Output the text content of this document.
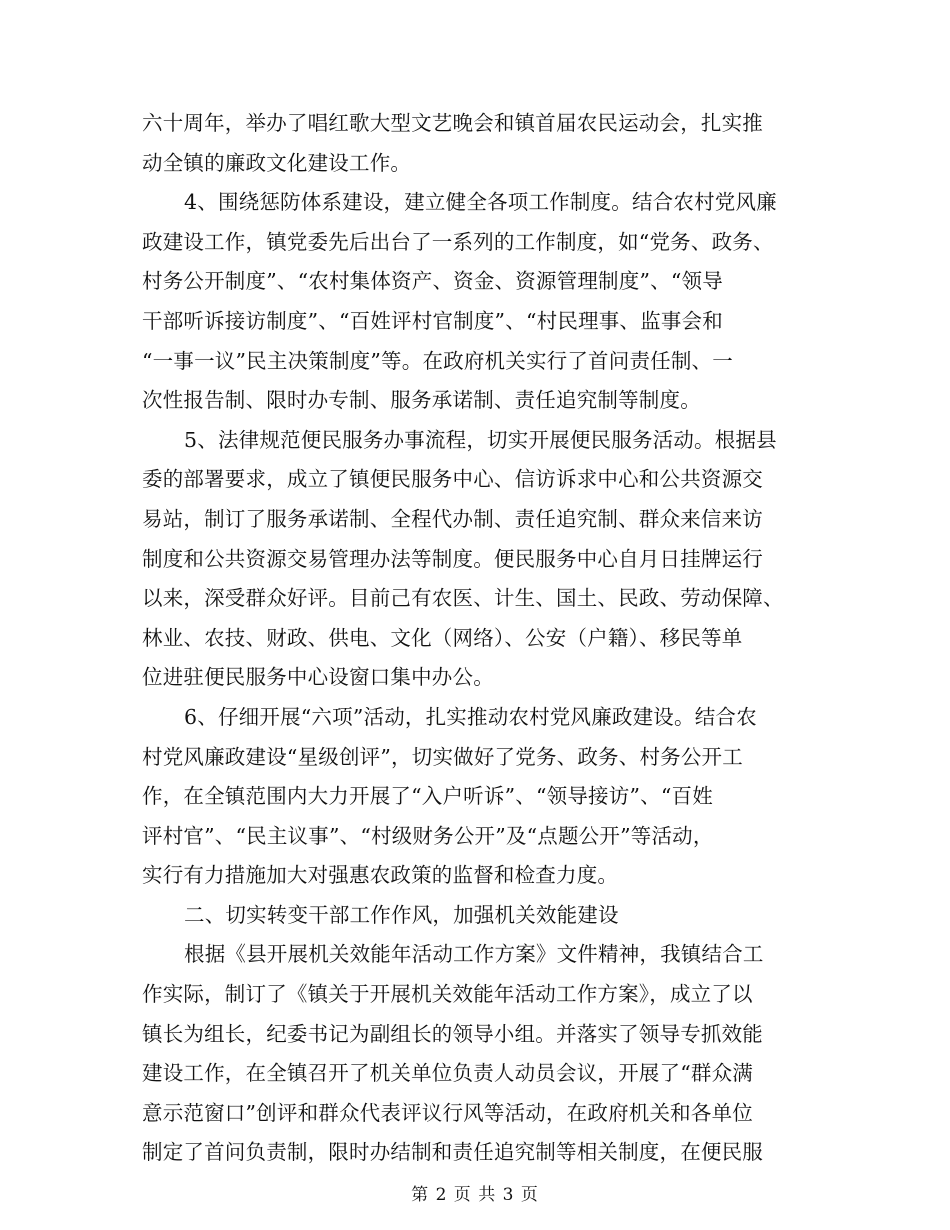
六十周年，举办了唱红歌大型文艺晚会和镇首届农民运动会，扎实推
动全镇的廉政文化建设工作。
4、围绕惩防体系建设，建立健全各项工作制度。结合农村党风廉
政建设工作，镇党委先后出台了一系列的工作制度，如“党务、政务、
村务公开制度”、“农村集体资产、资金、资源管理制度”、“领导
干部听诉接访制度”、“百姓评村官制度”、“村民理事、监事会和
“一事一议”民主决策制度”等。在政府机关实行了首问责任制、一
次性报告制、限时办专制、服务承诺制、责任追究制等制度。
5、法律规范便民服务办事流程，切实开展便民服务活动。根据县
委的部署要求，成立了镇便民服务中心、信访诉求中心和公共资源交
易站，制订了服务承诺制、全程代办制、责任追究制、群众来信来访
制度和公共资源交易管理办法等制度。便民服务中心自月日挂牌运行
以来，深受群众好评。目前己有农医、计生、国土、民政、劳动保障、
林业、农技、财政、供电、文化（网络）、公安（户籍）、移民等单
位进驻便民服务中心设窗口集中办公。
6、仔细开展“六项”活动，扎实推动农村党风廉政建设。结合农
村党风廉政建设“星级创评”，切实做好了党务、政务、村务公开工
作，在全镇范围内大力开展了“入户听诉”、“领导接访”、“百姓
评村官”、“民主议事”、“村级财务公开”及“点题公开”等活动，
实行有力措施加大对强惠农政策的监督和检查力度。
二、切实转变干部工作作风，加强机关效能建设
根据《县开展机关效能年活动工作方案》文件精神，我镇结合工
作实际，制订了《镇关于开展机关效能年活动工作方案》，成立了以
镇长为组长，纪委书记为副组长的领导小组。并落实了领导专抓效能
建设工作，在全镇召开了机关单位负责人动员会议，开展了“群众满
意示范窗口”创评和群众代表评议行风等活动，在政府机关和各单位
制定了首问负责制，限时办结制和责任追究制等相关制度，在便民服
第 2 页 共 3 页
